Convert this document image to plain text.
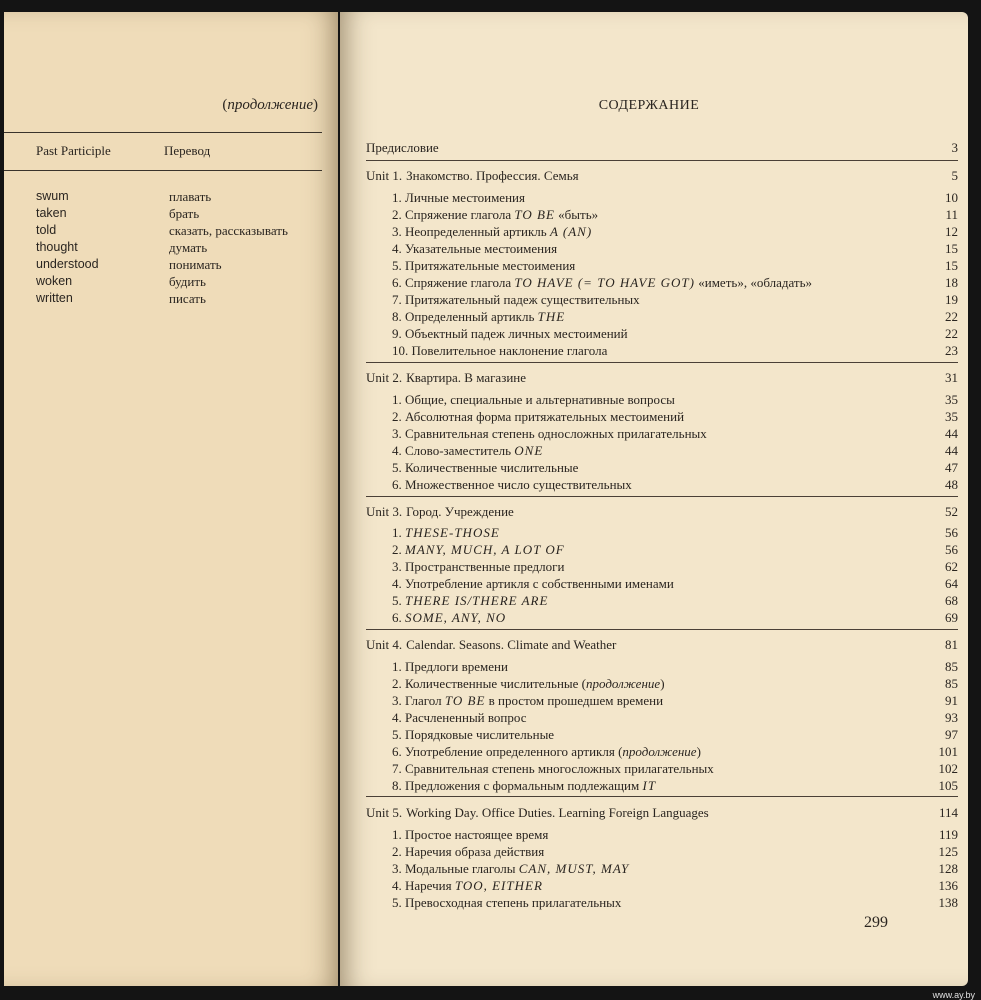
(продолжение)

Past Participle	Перевод

swum	плавать
taken	брать
told	сказать, рассказывать
thought	думать
understood	понимать
woken	будить
written	писать

СОДЕРЖАНИЕ

Предисловие	3
Unit 1. Знакомство. Профессия. Семья	5
1. Личные местоимения	10
2. Спряжение глагола TO BE «быть»	11
3. Неопределенный артикль A (AN)	12
4. Указательные местоимения	15
5. Притяжательные местоимения	15
6. Спряжение глагола TO HAVE (= TO HAVE GOT) «иметь», «обладать»	18
7. Притяжательный падеж существительных	19
8. Определенный артикль THE	22
9. Объектный падеж личных местоимений	22
10. Повелительное наклонение глагола	23
Unit 2. Квартира. В магазине	31
1. Общие, специальные и альтернативные вопросы	35
2. Абсолютная форма притяжательных местоимений	35
3. Сравнительная степень односложных прилагательных	44
4. Слово-заместитель ONE	44
5. Количественные числительные	47
6. Множественное число существительных	48
Unit 3. Город. Учреждение	52
1. THESE-THOSE	56
2. MANY, MUCH, A LOT OF	56
3. Пространственные предлоги	62
4. Употребление артикля с собственными именами	64
5. THERE IS/THERE ARE	68
6. SOME, ANY, NO	69
Unit 4. Calendar. Seasons. Climate and Weather	81
1. Предлоги времени	85
2. Количественные числительные (продолжение)	85
3. Глагол TO BE в простом прошедшем времени	91
4. Расчлененный вопрос	93
5. Порядковые числительные	97
6. Употребление определенного артикля (продолжение)	101
7. Сравнительная степень многосложных прилагательных	102
8. Предложения с формальным подлежащим IT	105
Unit 5. Working Day. Office Duties. Learning Foreign Languages	114
1. Простое настоящее время	119
2. Наречия образа действия	125
3. Модальные глаголы CAN, MUST, MAY	128
4. Наречия TOO, EITHER	136
5. Превосходная степень прилагательных	138

299

www.ay.by
